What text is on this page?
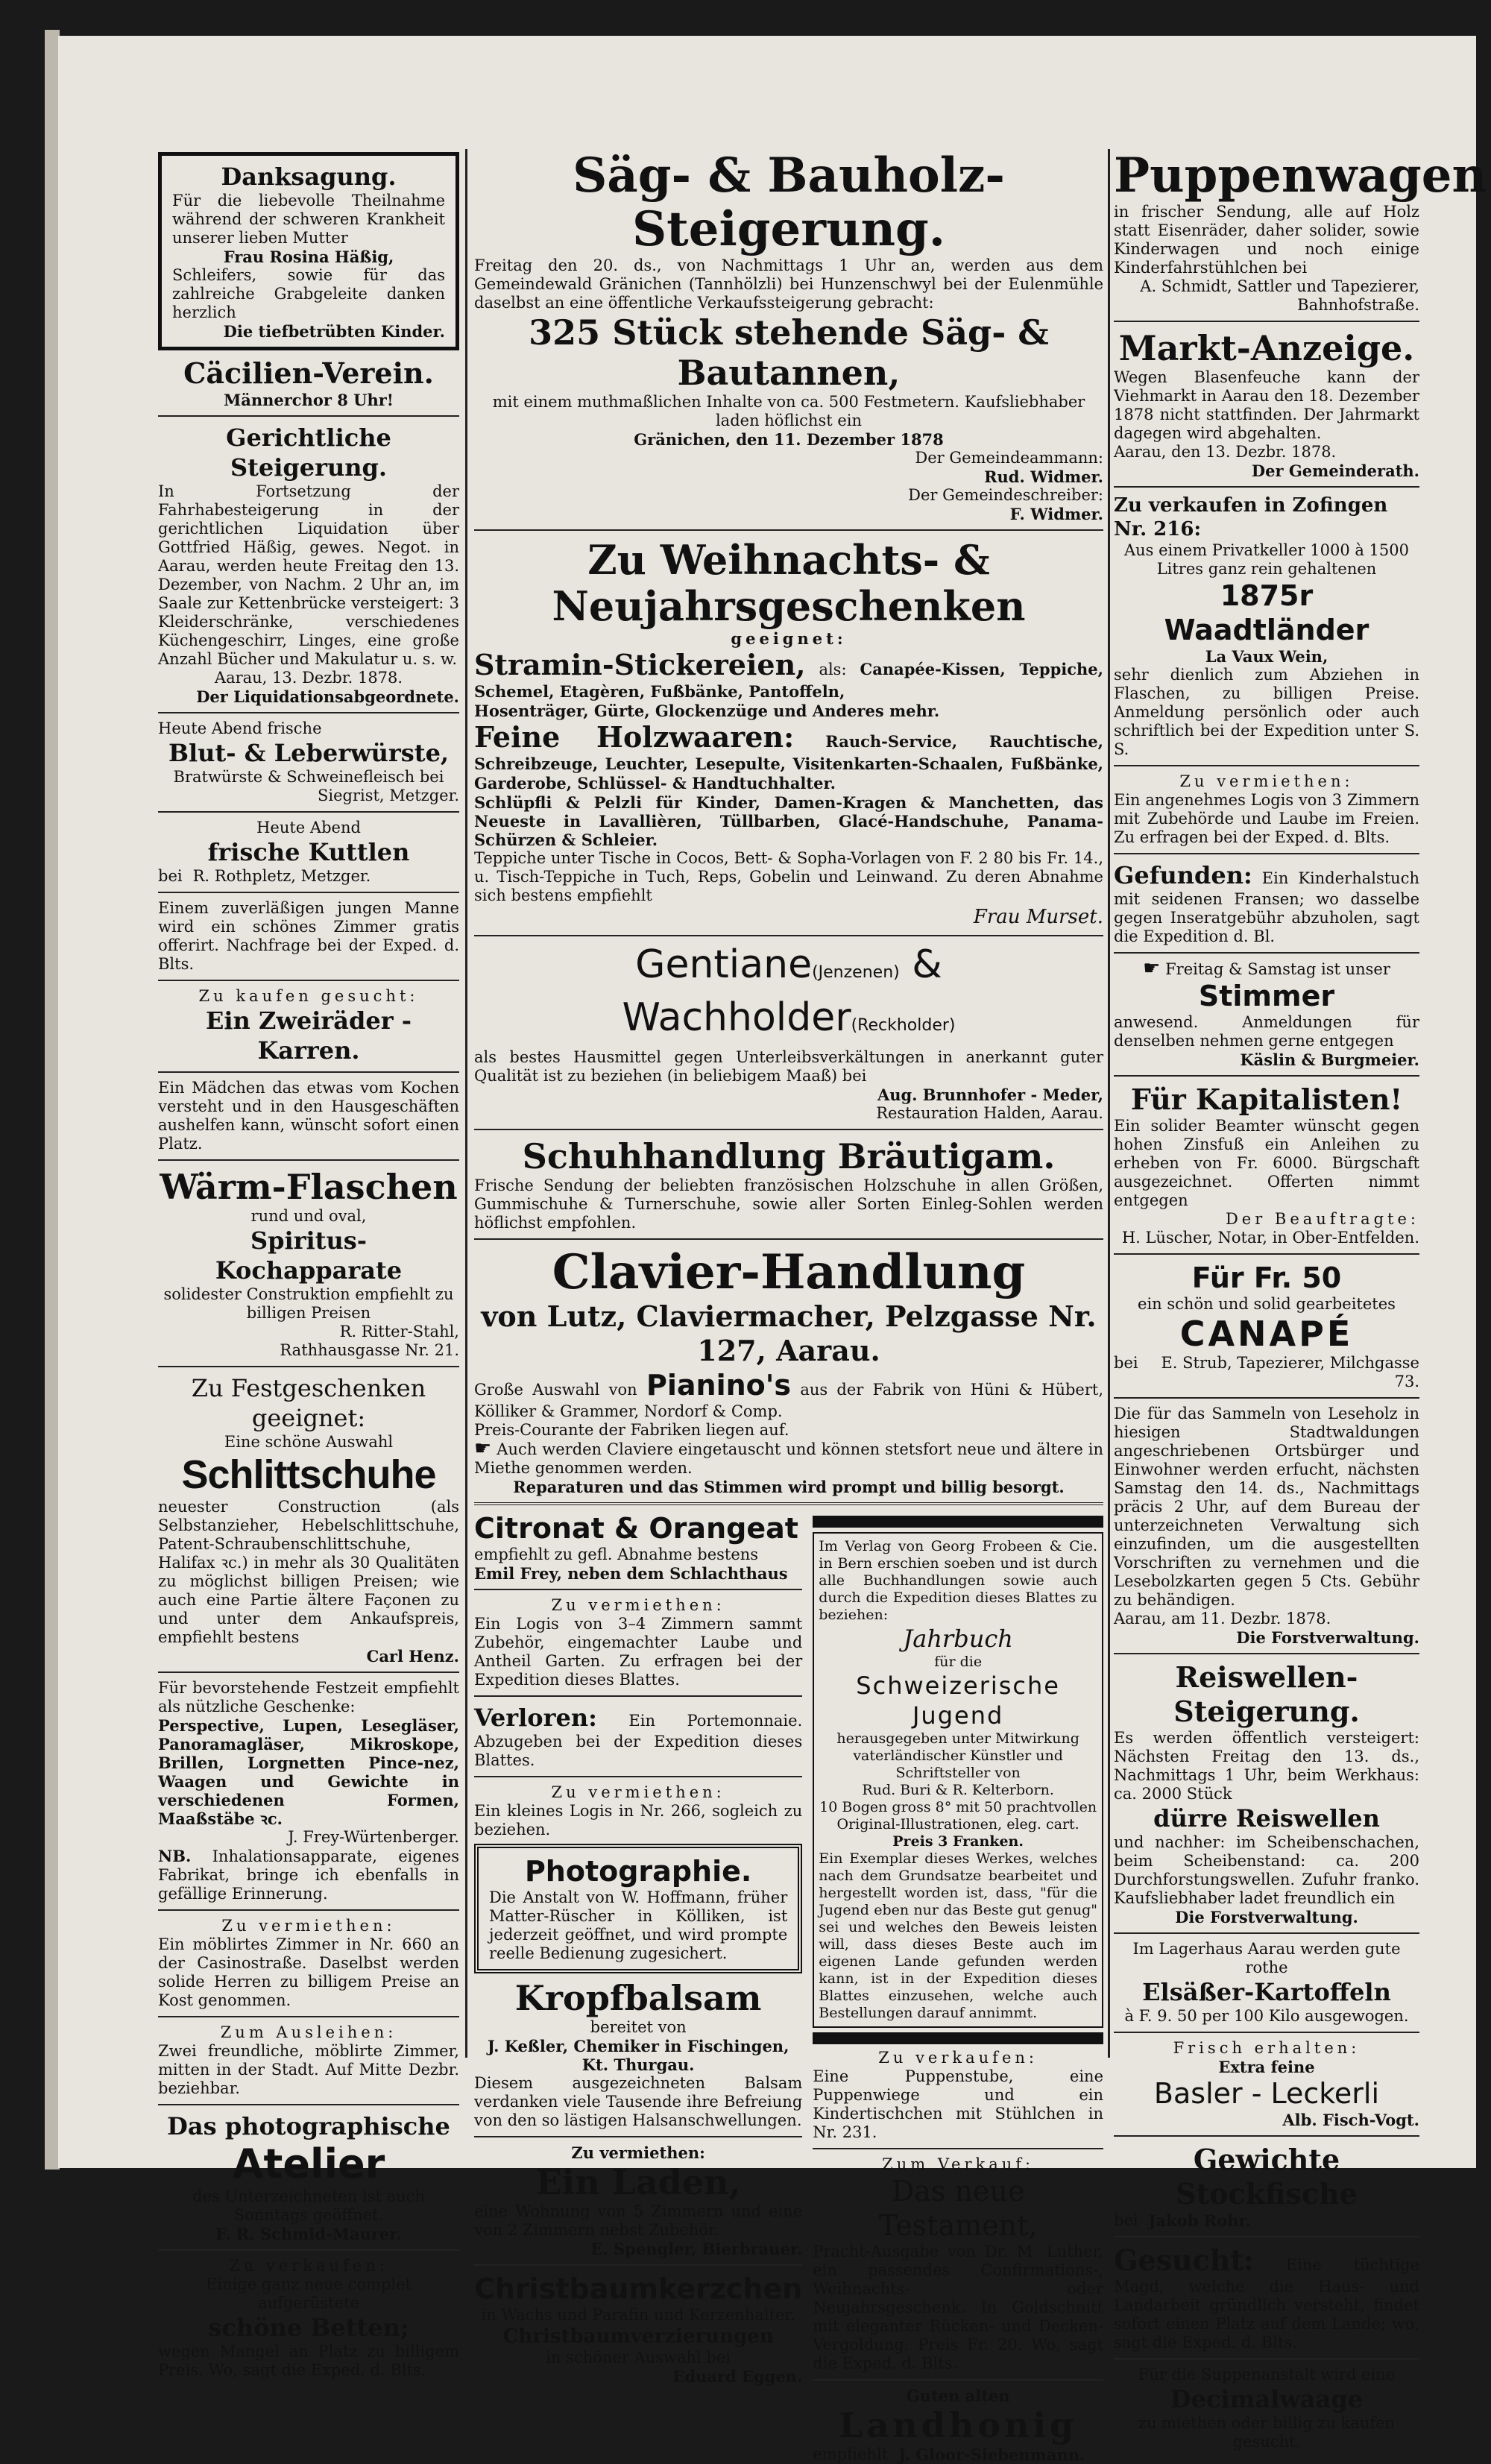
Danksagung.
Für die liebevolle Theilnahme während der schweren Krankheit unserer lieben Mutter
Frau Rosina Häßig,
Schleifers, sowie für das zahlreiche Grabgeleite danken herzlich
Die tiefbetrübten Kinder.
Cäcilien-Verein.
Männerchor 8 Uhr!
Gerichtliche Steigerung.
In Fortsetzung der Fahrhabesteigerung in der gerichtlichen Liquidation über Gottfried Häßig, gewes. Negot. in Aarau, werden heute Freitag den 13. Dezember, von Nachm. 2 Uhr an, im Saale zur Kettenbrücke versteigert: 3 Kleiderschränke, verschiedenes Küchengeschirr, Linges, eine große Anzahl Bücher und Makulatur u. s. w.
Aarau, 13. Dezbr. 1878.
Der Liquidationsabgeordnete.
Heute Abend frische
Blut- & Leberwürste,
Bratwürste & Schweinefleisch bei
Siegrist, Metzger.
Heute Abend
frische Kuttlen
bei R. Rothpletz, Metzger.
Einem zuverläßigen jungen Manne wird ein schönes Zimmer gratis offerirt. Nachfrage bei der Exped. d. Blts.
Zu kaufen gesucht:
Ein Zweiräder - Karren.
Ein Mädchen das etwas vom Kochen versteht und in den Hausgeschäften aushelfen kann, wünscht sofort einen Platz.
Wärm-Flaschen
rund und oval,
Spiritus-Kochapparate
solidester Construktion empfiehlt zu billigen Preisen
R. Ritter-Stahl,
Rathhausgasse Nr. 21.
Zu Festgeschenken geeignet:
Eine schöne Auswahl
Schlittschuhe
neuester Construction (als Selbstanzieher, Hebelschlittschuhe, Patent-Schraubenschlittschuhe, Halifax ꝛc.) in mehr als 30 Qualitäten zu möglichst billigen Preisen; wie auch eine Partie ältere Façonen zu und unter dem Ankaufspreis, empfiehlt bestens
Carl Henz.
Für bevorstehende Festzeit empfiehlt als nützliche Geschenke:
Perspective, Lupen, Lesegläser, Panoramagläser, Mikroskope, Brillen, Lorgnetten Pince-nez, Waagen und Gewichte in verschiedenen Formen, Maaßstäbe ꝛc.
J. Frey-Würtenberger.
NB. Inhalationsapparate, eigenes Fabrikat, bringe ich ebenfalls in gefällige Erinnerung.
Zu vermiethen:
Ein möblirtes Zimmer in Nr. 660 an der Casinostraße. Daselbst werden solide Herren zu billigem Preise an Kost genommen.
Zum Ausleihen:
Zwei freundliche, möblirte Zimmer, mitten in der Stadt. Auf Mitte Dezbr. beziehbar.
Das photographische
Atelier
des Unterzeichneten ist auch Sonntags geöffnet.
F. R. Schmid-Maurer.
Zu verkaufen:
Einige ganz neue complet aufgerüstete
schöne Betten;
wegen Mangel an Platz zu billigem Preis. Wo, sagt die Exped. d. Blts.
Säg- & Bauholz-Steigerung.
Freitag den 20. ds., von Nachmittags 1 Uhr an, werden aus dem Gemeindewald Gränichen (Tannhölzli) bei Hunzenschwyl bei der Eulenmühle daselbst an eine öffentliche Verkaufssteigerung gebracht:
325 Stück stehende Säg- & Bautannen,
mit einem muthmaßlichen Inhalte von ca. 500 Festmetern. Kaufsliebhaber laden höflichst ein
Gränichen, den 11. Dezember 1878
Der Gemeindeammann:
Rud. Widmer.
Der Gemeindeschreiber:
F. Widmer.
Zu Weihnachts- & Neujahrsgeschenken
geeignet:
Stramin-Stickereien, als: Canapée-Kissen, Teppiche, Schemel, Etagèren, Fußbänke, Pantoffeln,
Hosenträger, Gürte, Glockenzüge und Anderes mehr.
Feine Holzwaaren: Rauch-Service, Rauchtische, Schreibzeuge, Leuchter, Lesepulte, Visitenkarten-Schaalen, Fußbänke, Garderobe, Schlüssel- & Handtuchhalter.
Schlüpfli & Pelzli für Kinder, Damen-Kragen & Manchetten, das Neueste in Lavallièren, Tüllbarben, Glacé-Handschuhe, Panama-Schürzen & Schleier.
Teppiche unter Tische in Cocos, Bett- & Sopha-Vorlagen von F. 2 80 bis Fr. 14., u. Tisch-Teppiche in Tuch, Reps, Gobelin und Leinwand. Zu deren Abnahme sich bestens empfiehlt
Frau Murset.
Gentiane(Jenzenen) & Wachholder(Reckholder)
als bestes Hausmittel gegen Unterleibsverkältungen in anerkannt guter Qualität ist zu beziehen (in beliebigem Maaß) bei
Aug. Brunnhofer - Meder,
Restauration Halden, Aarau.
Schuhhandlung Bräutigam.
Frische Sendung der beliebten französischen Holzschuhe in allen Größen, Gummischuhe & Turnerschuhe, sowie aller Sorten Einleg-Sohlen werden höflichst empfohlen.
Clavier-Handlung
von Lutz, Claviermacher, Pelzgasse Nr. 127, Aarau.
Große Auswahl von Pianino's aus der Fabrik von Hüni & Hübert, Kölliker & Grammer, Nordorf & Comp.
Preis-Courante der Fabriken liegen auf.
☛ Auch werden Claviere eingetauscht und können stetsfort neue und ältere in Miethe genommen werden.
Reparaturen und das Stimmen wird prompt und billig besorgt.
Citronat & Orangeat
empfiehlt zu gefl. Abnahme bestens
Emil Frey, neben dem Schlachthaus
Zu vermiethen:
Ein Logis von 3–4 Zimmern sammt Zubehör, eingemachter Laube und Antheil Garten. Zu erfragen bei der Expedition dieses Blattes.
Verloren: Ein Portemonnaie. Abzugeben bei der Expedition dieses Blattes.
Zu vermiethen:
Ein kleines Logis in Nr. 266, sogleich zu beziehen.
Photographie.
Die Anstalt von W. Hoffmann, früher Matter-Rüscher in Kölliken, ist jederzeit geöffnet, und wird prompte reelle Bedienung zugesichert.
Kropfbalsam
bereitet von
J. Keßler, Chemiker in Fischingen, Kt. Thurgau.
Diesem ausgezeichneten Balsam verdanken viele Tausende ihre Befreiung von den so lästigen Halsanschwellungen.
Zu vermiethen:
Ein Laden,
eine Wohnung von 5 Zimmern und eine von 2 Zimmern nebst Zubehör.
E. Spengler, Bierbrauer.
Christbaumkerzchen
in Wachs und Parafin und Kerzenhalter.
Christbaumverzierungen
in schöner Auswahl bei
Eduard Eggen.
Im Verlag von Georg Frobeen & Cie. in Bern erschien soeben und ist durch alle Buchhandlungen sowie auch durch die Expedition dieses Blattes zu beziehen:
Jahrbuch
für die
Schweizerische Jugend
herausgegeben unter Mitwirkung vaterländischer Künstler und Schriftsteller von
Rud. Buri & R. Kelterborn.
10 Bogen gross 8° mit 50 prachtvollen Original-Illustrationen, eleg. cart.
Preis 3 Franken.
Ein Exemplar dieses Werkes, welches nach dem Grundsatze bearbeitet und hergestellt worden ist, dass, "für die Jugend eben nur das Beste gut genug" sei und welches den Beweis leisten will, dass dieses Beste auch im eigenen Lande gefunden werden kann, ist in der Expedition dieses Blattes einzusehen, welche auch Bestellungen darauf annimmt.
Zu verkaufen:
Eine Puppenstube, eine Puppenwiege und ein Kindertischchen mit Stühlchen in Nr. 231.
Zum Verkauf:
Das neue Testament,
Pracht-Ausgabe von Dr. M. Luther, ein passendes Confirmations-, Weihnachts- oder Neujahrsgeschenk. In Goldschnitt mit eleganter Rücken- und Decken-Vergoldung. Preis Fr. 20. Wo, sagt die Exped. d. Blts.
Guten alten
Landhonig
empfiehlt J. Gloor-Siebenmann.
Puppenwagen
in frischer Sendung, alle auf Holz statt Eisenräder, daher solider, sowie Kinderwagen und noch einige Kinderfahrstühlchen bei
A. Schmidt, Sattler und Tapezierer, Bahnhofstraße.
Markt-Anzeige.
Wegen Blasenfeuche kann der Viehmarkt in Aarau den 18. Dezember 1878 nicht stattfinden. Der Jahrmarkt dagegen wird abgehalten.
Aarau, den 13. Dezbr. 1878.
Der Gemeinderath.
Zu verkaufen in Zofingen Nr. 216:
Aus einem Privatkeller 1000 à 1500 Litres ganz rein gehaltenen
1875r Waadtländer
La Vaux Wein,
sehr dienlich zum Abziehen in Flaschen, zu billigen Preise. Anmeldung persönlich oder auch schriftlich bei der Expedition unter S. S.
Zu vermiethen:
Ein angenehmes Logis von 3 Zimmern mit Zubehörde und Laube im Freien. Zu erfragen bei der Exped. d. Blts.
Gefunden: Ein Kinderhalstuch mit seidenen Fransen; wo dasselbe gegen Inseratgebühr abzuholen, sagt die Expedition d. Bl.
☛ Freitag & Samstag ist unser
Stimmer
anwesend. Anmeldungen für denselben nehmen gerne entgegen
Käslin & Burgmeier.
Für Kapitalisten!
Ein solider Beamter wünscht gegen hohen Zinsfuß ein Anleihen zu erheben von Fr. 6000. Bürgschaft ausgezeichnet. Offerten nimmt entgegen
Der Beauftragte:
H. Lüscher, Notar, in Ober-Entfelden.
Für Fr. 50
ein schön und solid gearbeitetes
CANAPÉ
bei	E. Strub, Tapezierer, Milchgasse 73.
Die für das Sammeln von Leseholz in hiesigen Stadtwaldungen angeschriebenen Ortsbürger und Einwohner werden erfucht, nächsten Samstag den 14. ds., Nachmittags präcis 2 Uhr, auf dem Bureau der unterzeichneten Verwaltung sich einzufinden, um die ausgestellten Vorschriften zu vernehmen und die Lesebolzkarten gegen 5 Cts. Gebühr zu behändigen.
Aarau, am 11. Dezbr. 1878.
Die Forstverwaltung.
Reiswellen-Steigerung.
Es werden öffentlich versteigert: Nächsten Freitag den 13. ds., Nachmittags 1 Uhr, beim Werkhaus: ca. 2000 Stück
dürre Reiswellen
und nachher: im Scheibenschachen, beim Scheibenstand: ca. 200 Durchforstungswellen. Zufuhr franko. Kaufsliebhaber ladet freundlich ein
Die Forstverwaltung.
Im Lagerhaus Aarau werden gute rothe
Elsäßer-Kartoffeln
à F. 9. 50 per 100 Kilo ausgewogen.
Frisch erhalten:
Extra feine
Basler - Leckerli
Alb. Fisch-Vogt.
Gewichte Stockfische
bei Jakob Rohr.
Gesucht: Eine tüchtige Magd, welche die Haus- und Landarbeit gründlich versteht, findet sofort einen Platz auf dem Lande; wo, sagt die Exped. d. Blts.
Für die Suppenanstalt wird eine
Decimalwaage
zu miethen oder billig zu kaufen gesucht.
